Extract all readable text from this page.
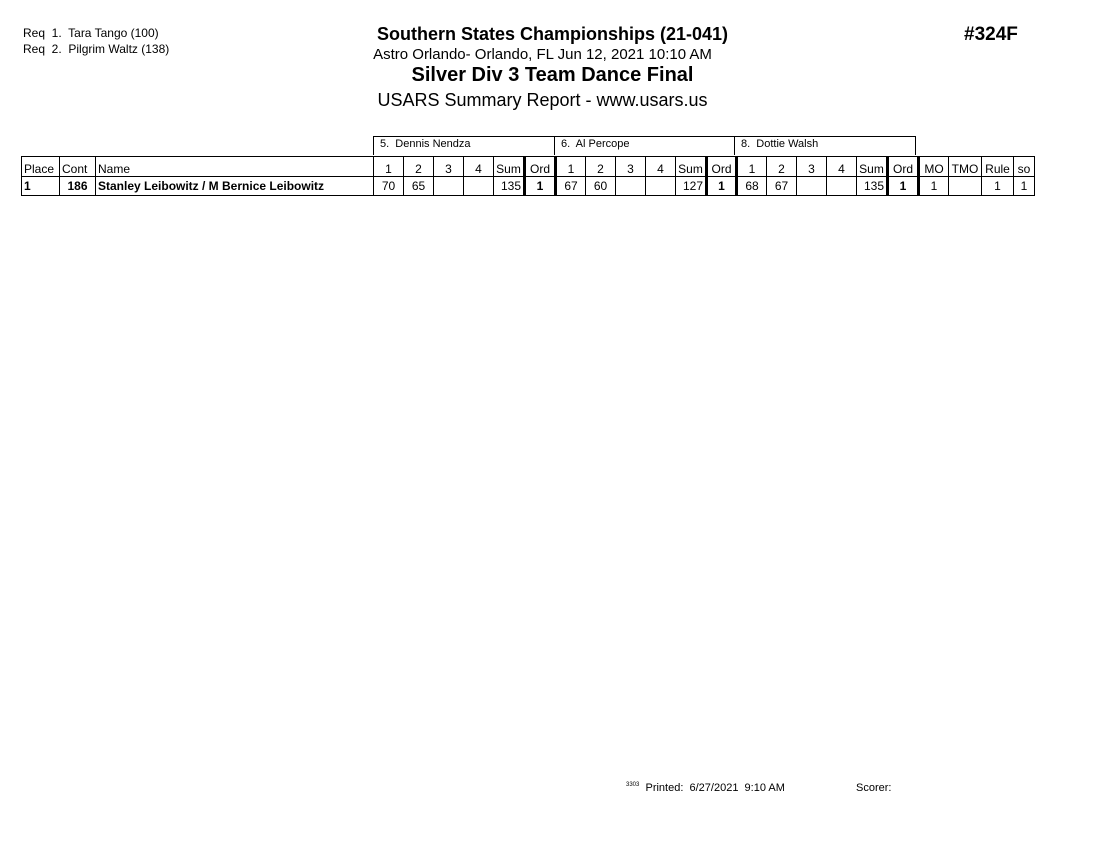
Req  1.  Tara Tango (100)
Req  2.  Pilgrim Waltz (138)
Southern States Championships (21-041)
Astro Orlando- Orlando, FL Jun 12, 2021 10:10 AM
Silver Div 3 Team Dance Final
USARS Summary Report - www.usars.us
#324F
5.  Dennis Nendza	6.  Al Percope	8.  Dottie Walsh
Place	Cont	Name	1	2	3	4	Sum	Ord	1	2	3	4	Sum	Ord	1	2	3	4	Sum	Ord	MO	TMO	Rule	so
1	186	Stanley Leibowitz / M Bernice Leibowitz	70	65			135	1	67	60			127	1	68	67			135	1	1		1	1
$^{3303}$ Printed:  6/27/2021  9:10 AM	Scorer:
